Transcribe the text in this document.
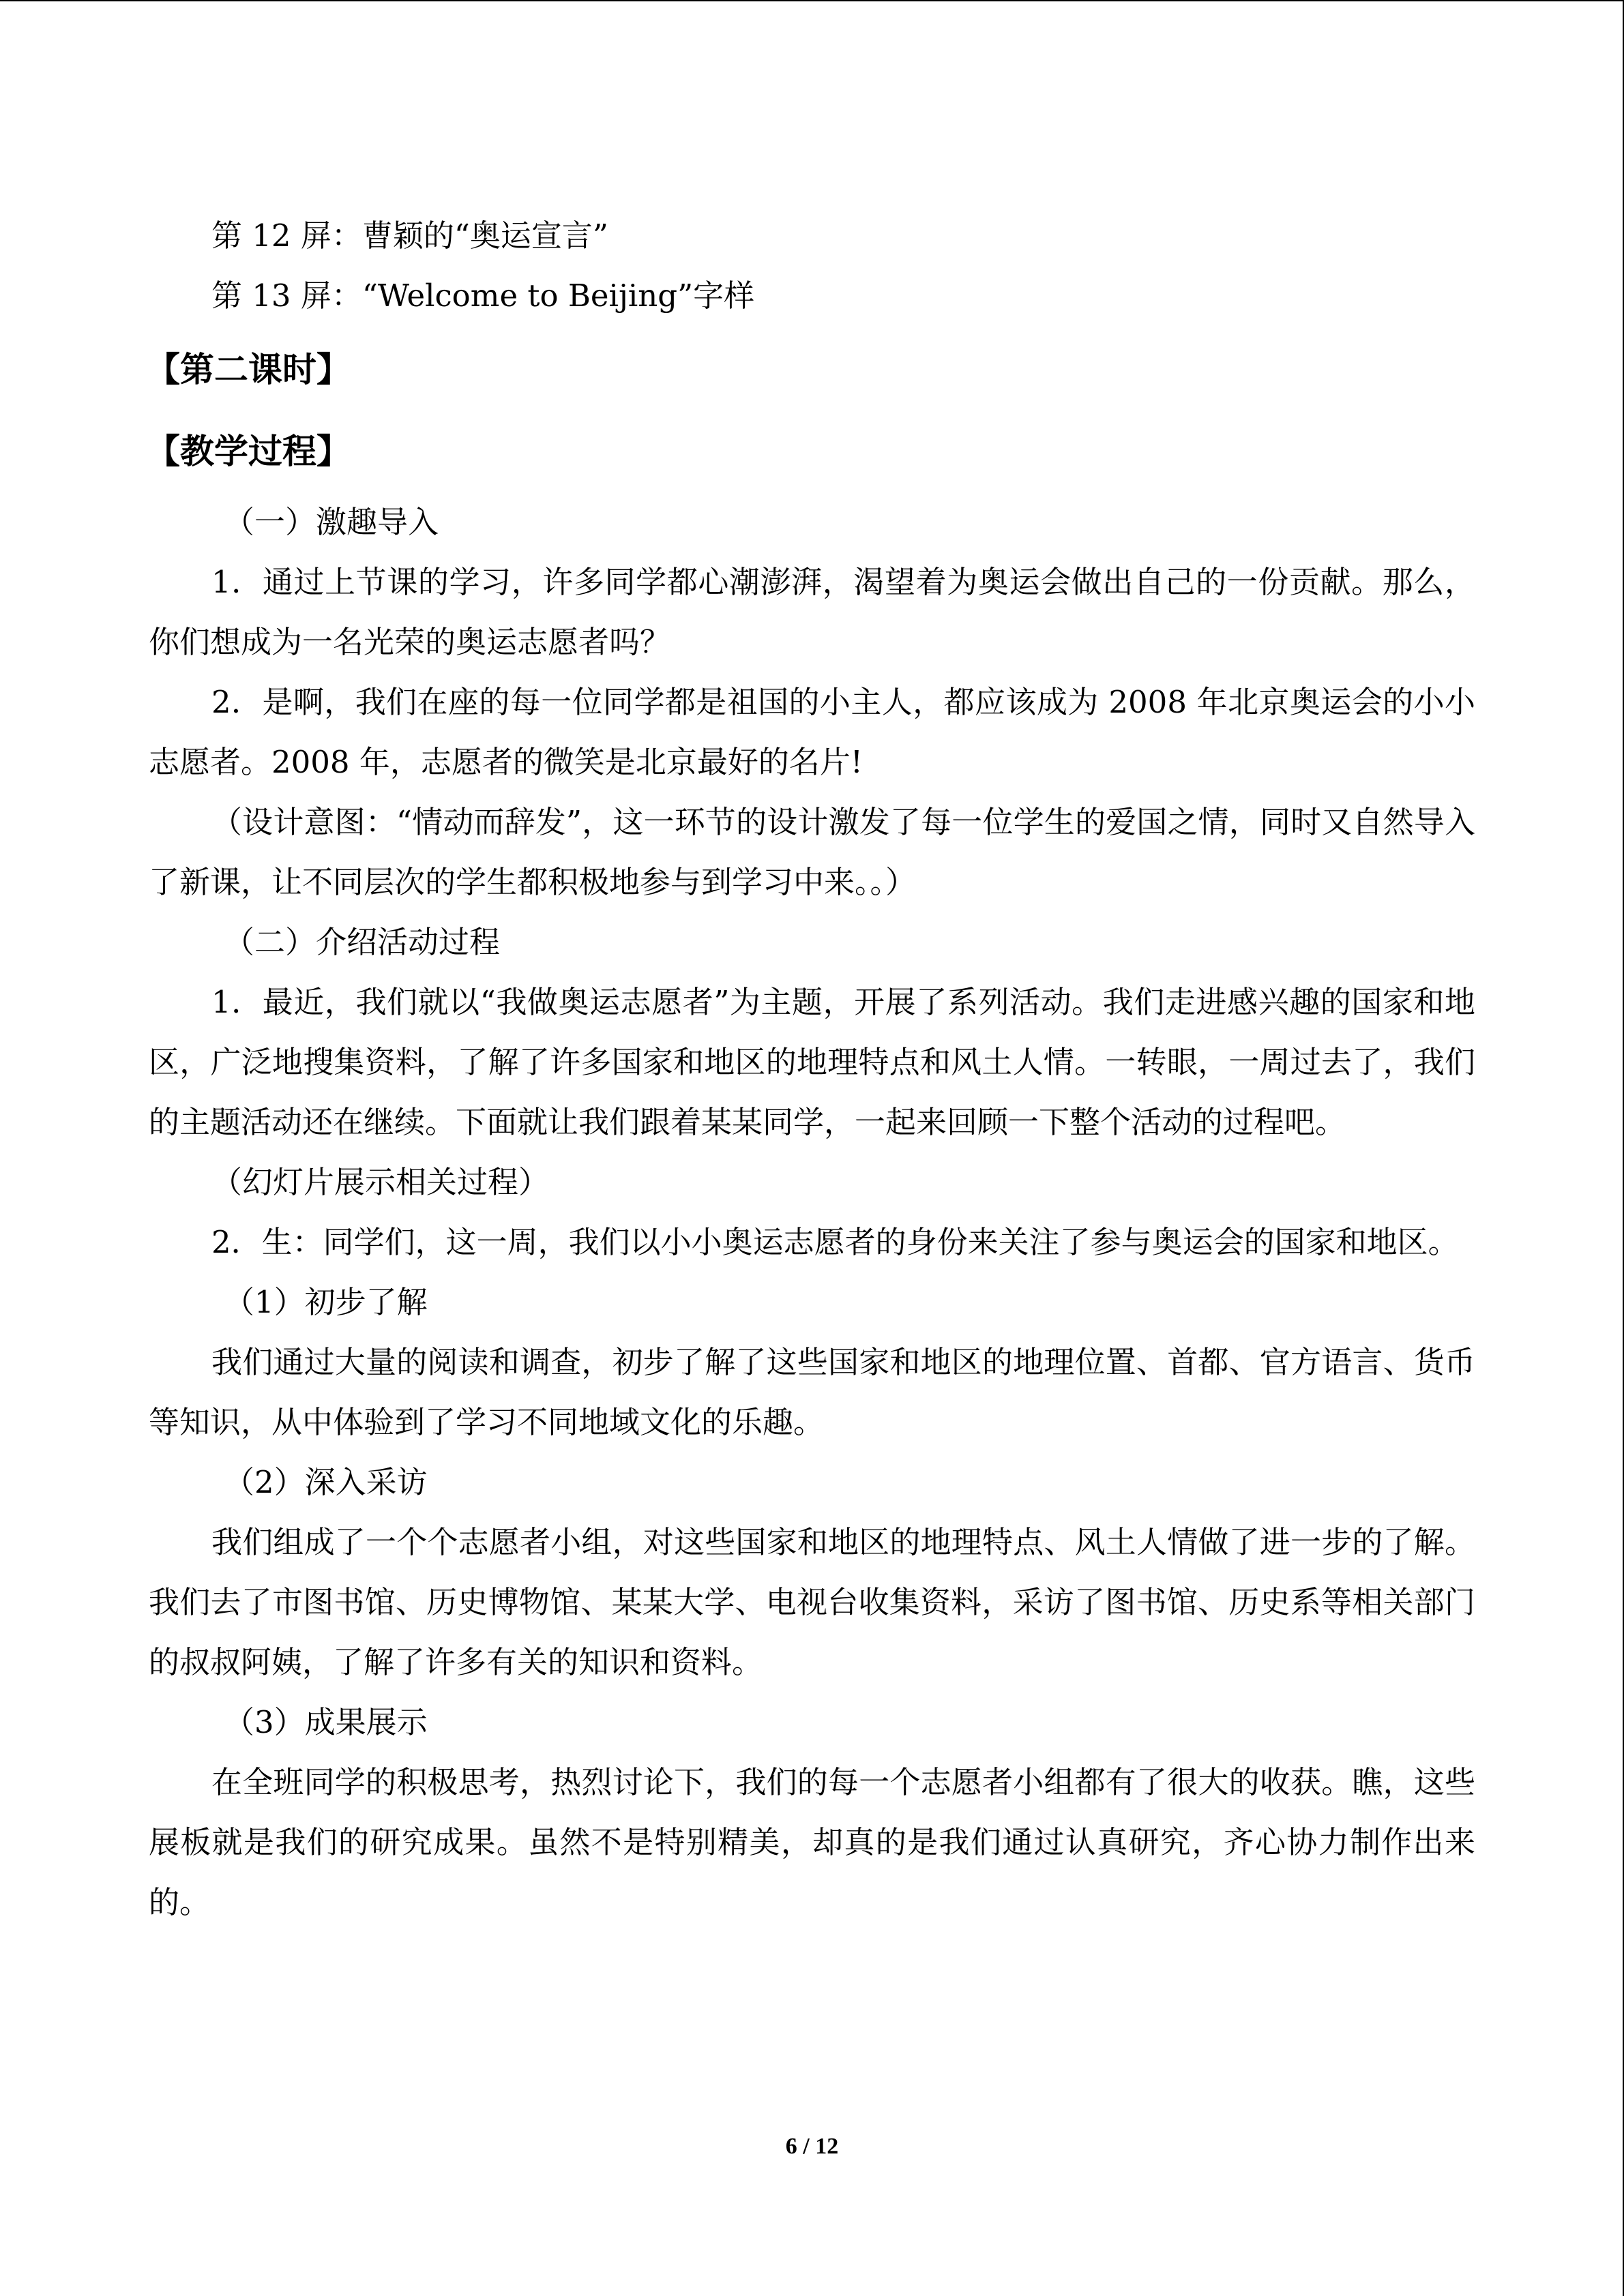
第 12 屏：曹颖的“奥运宣言”
第 13 屏：“Welcome to Beijing”字样
【第二课时】
【教学过程】
（一）激趣导入
1．通过上节课的学习，许多同学都心潮澎湃，渴望着为奥运会做出自己的一份贡献。那么，你们想成为一名光荣的奥运志愿者吗？
2．是啊，我们在座的每一位同学都是祖国的小主人，都应该成为 2008 年北京奥运会的小小志愿者。2008 年，志愿者的微笑是北京最好的名片!
（设计意图：“情动而辞发”，这一环节的设计激发了每一位学生的爱国之情，同时又自然导入了新课，让不同层次的学生都积极地参与到学习中来。。）
（二）介绍活动过程
1．最近，我们就以“我做奥运志愿者”为主题，开展了系列活动。我们走进感兴趣的国家和地区，广泛地搜集资料，了解了许多国家和地区的地理特点和风土人情。一转眼，一周过去了，我们的主题活动还在继续。下面就让我们跟着某某同学，一起来回顾一下整个活动的过程吧。
（幻灯片展示相关过程）
2．生：同学们，这一周，我们以小小奥运志愿者的身份来关注了参与奥运会的国家和地区。
（1）初步了解
我们通过大量的阅读和调查，初步了解了这些国家和地区的地理位置、首都、官方语言、货币等知识，从中体验到了学习不同地域文化的乐趣。
（2）深入采访
我们组成了一个个志愿者小组，对这些国家和地区的地理特点、风土人情做了进一步的了解。我们去了市图书馆、历史博物馆、某某大学、电视台收集资料，采访了图书馆、历史系等相关部门的叔叔阿姨，了解了许多有关的知识和资料。
（3）成果展示
在全班同学的积极思考，热烈讨论下，我们的每一个志愿者小组都有了很大的收获。瞧，这些展板就是我们的研究成果。虽然不是特别精美，却真的是我们通过认真研究，齐心协力制作出来的。
6 / 12
